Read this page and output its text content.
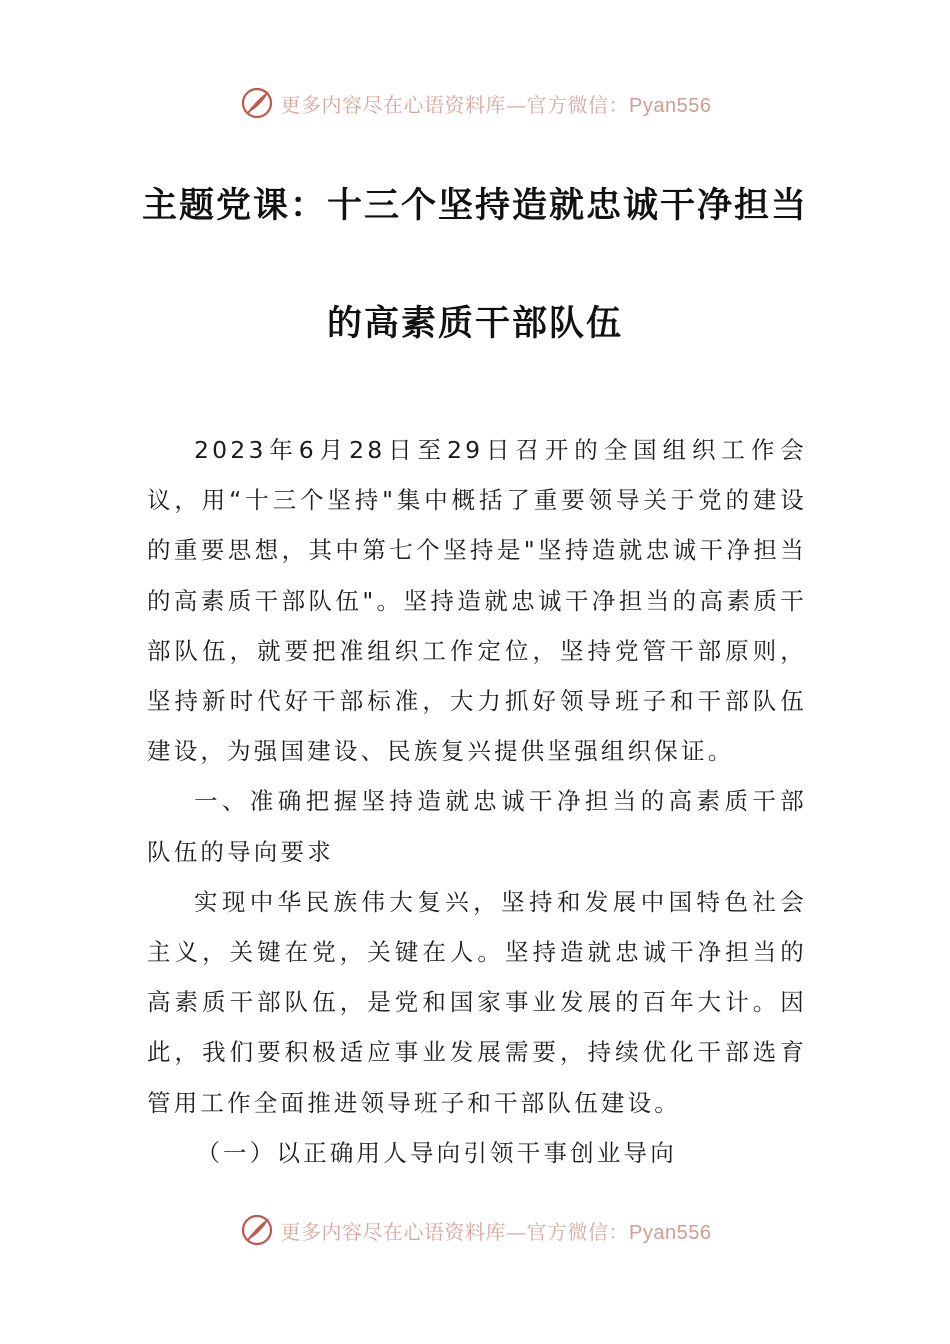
更多内容尽在心语资料库—官方微信：Pyan556
主题党课：十三个坚持造就忠诚干净担当
的高素质干部队伍

2023年6月28日至29日召开的全国组织工作会议，用“十三个坚持"集中概括了重要领导关于党的建设的重要思想，其中第七个坚持是"坚持造就忠诚干净担当的高素质干部队伍"。坚持造就忠诚干净担当的高素质干部队伍，就要把准组织工作定位，坚持党管干部原则，坚持新时代好干部标准，大力抓好领导班子和干部队伍建设，为强国建设、民族复兴提供坚强组织保证。

一、准确把握坚持造就忠诚干净担当的高素质干部队伍的导向要求

实现中华民族伟大复兴，坚持和发展中国特色社会主义，关键在党，关键在人。坚持造就忠诚干净担当的高素质干部队伍，是党和国家事业发展的百年大计。因此，我们要积极适应事业发展需要，持续优化干部选育管用工作全面推进领导班子和干部队伍建设。

（一）以正确用人导向引领干事创业导向

更多内容尽在心语资料库—官方微信：Pyan556
